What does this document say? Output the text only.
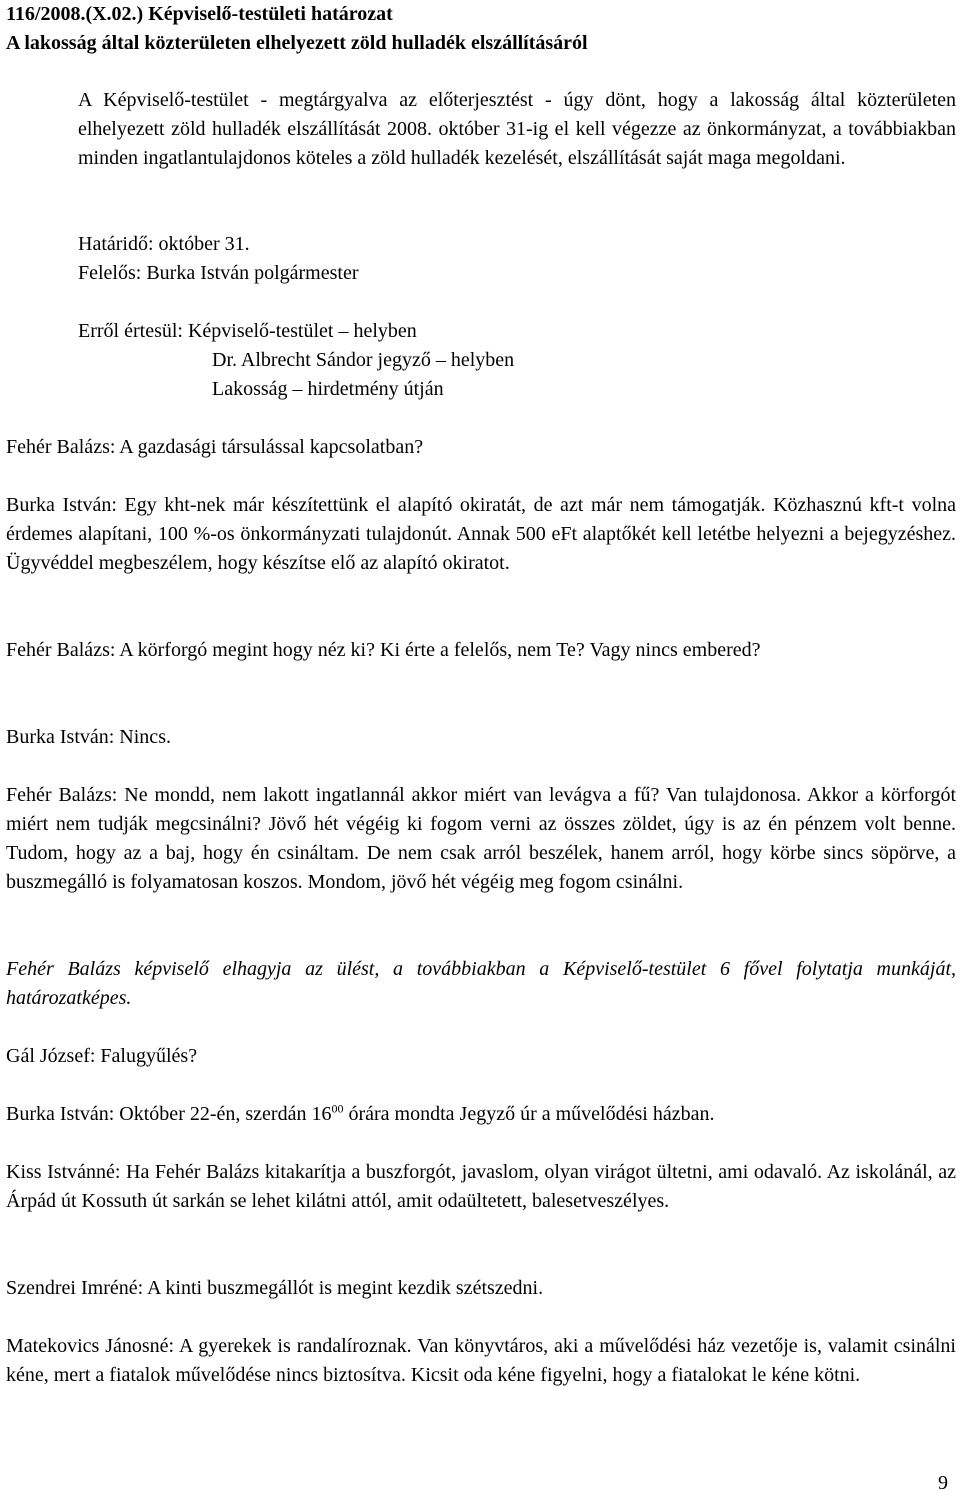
116/2008.(X.02.) Képviselő-testületi határozat

A lakosság által közterületen elhelyezett zöld hulladék elszállításáról

A Képviselő-testület - megtárgyalva az előterjesztést - úgy dönt, hogy a lakosság által közterületen elhelyezett zöld hulladék elszállítását 2008. október 31-ig el kell végezze az önkormányzat, a továbbiakban minden ingatlantulajdonos köteles a zöld hulladék kezelését, elszállítását saját maga megoldani.

Határidő: október 31.

Felelős: Burka István polgármester

Erről értesül: Képviselő-testület – helyben

Dr. Albrecht Sándor jegyző – helyben

Lakosság – hirdetmény útján

Fehér Balázs: A gazdasági társulással kapcsolatban?

Burka István: Egy kht-nek már készítettünk el alapító okiratát, de azt már nem támogatják. Közhasznú kft-t volna érdemes alapítani, 100 %-os önkormányzati tulajdonút. Annak 500 eFt alaptőkét kell letétbe helyezni a bejegyzéshez. Ügyvéddel megbeszélem, hogy készítse elő az alapító okiratot.

Fehér Balázs: A körforgó megint hogy néz ki? Ki érte a felelős, nem Te? Vagy nincs embered?

Burka István: Nincs.

Fehér Balázs: Ne mondd, nem lakott ingatlannál akkor miért van levágva a fű? Van tulajdonosa. Akkor a körforgót miért nem tudják megcsinálni? Jövő hét végéig ki fogom verni az összes zöldet, úgy is az én pénzem volt benne. Tudom, hogy az a baj, hogy én csináltam. De nem csak arról beszélek, hanem arról, hogy körbe sincs söpörve, a buszmegálló is folyamatosan koszos. Mondom, jövő hét végéig meg fogom csinálni.

Fehér Balázs képviselő elhagyja az ülést, a továbbiakban a Képviselő-testület 6 fővel folytatja munkáját, határozatképes.

Gál József: Falugyűlés?

Burka István: Október 22-én, szerdán $16^{00}$ órára mondta Jegyző úr a művelődési házban.

Kiss Istvánné: Ha Fehér Balázs kitakarítja a buszforgót, javaslom, olyan virágot ültetni, ami odavaló. Az iskolánál, az Árpád út Kossuth út sarkán se lehet kilátni attól, amit odaültetett, balesetveszélyes.

Szendrei Imréné: A kinti buszmegállót is megint kezdik szétszedni.

Matekovics Jánosné: A gyerekek is randalíroznak. Van könyvtáros, aki a művelődési ház vezetője is, valamit csinálni kéne, mert a fiatalok művelődése nincs biztosítva. Kicsit oda kéne figyelni, hogy a fiatalokat le kéne kötni.

9
